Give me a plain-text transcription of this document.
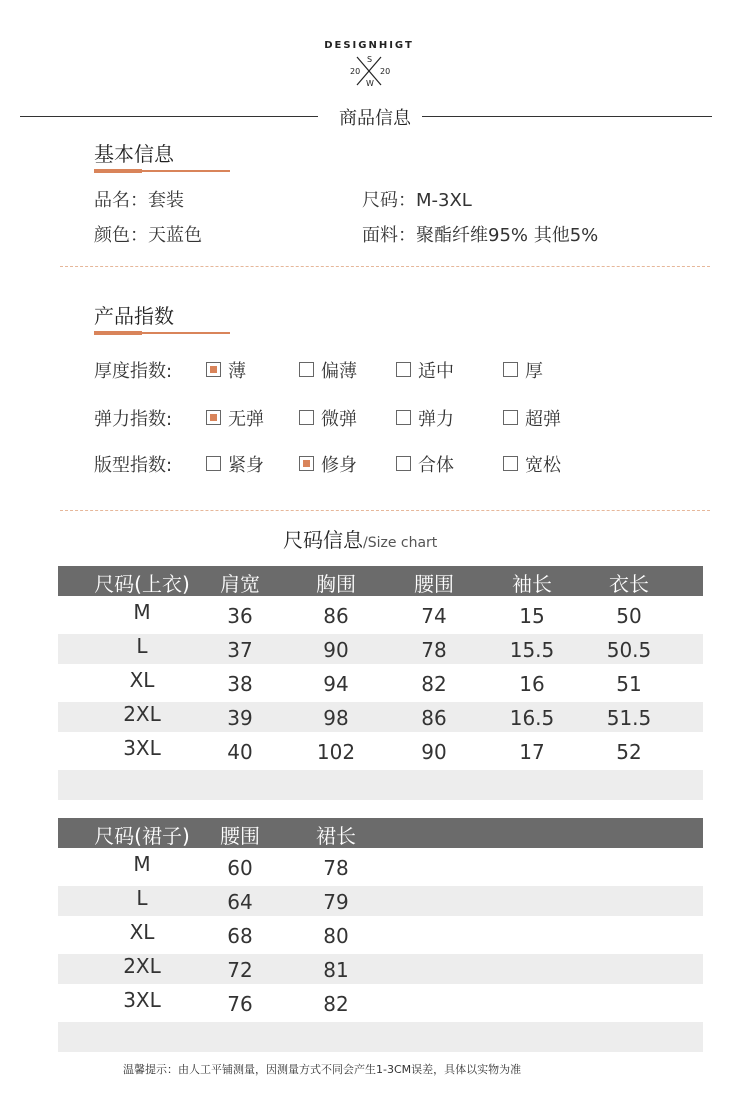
DESIGNHIGT
S
20 20
W
商品信息
基本信息
品名：套装	尺码：M-3XL
颜色：天蓝色	面料：聚酯纤维95% 其他5%
产品指数
厚度指数:	薄	偏薄	适中	厚
弹力指数:	无弹	微弹	弹力	超弹
版型指数:	紧身	修身	合体	宽松
尺码信息/Size chart
尺码(上衣)	肩宽	胸围	腰围	袖长	衣长
M	36	86	74	15	50
L	37	90	78	15.5	50.5
XL	38	94	82	16	51
2XL	39	98	86	16.5	51.5
3XL	40	102	90	17	52
尺码(裙子)	腰围	裙长
M	60	78
L	64	79
XL	68	80
2XL	72	81
3XL	76	82
温馨提示：由人工平铺测量，因测量方式不同会产生1-3CM误差，具体以实物为准
